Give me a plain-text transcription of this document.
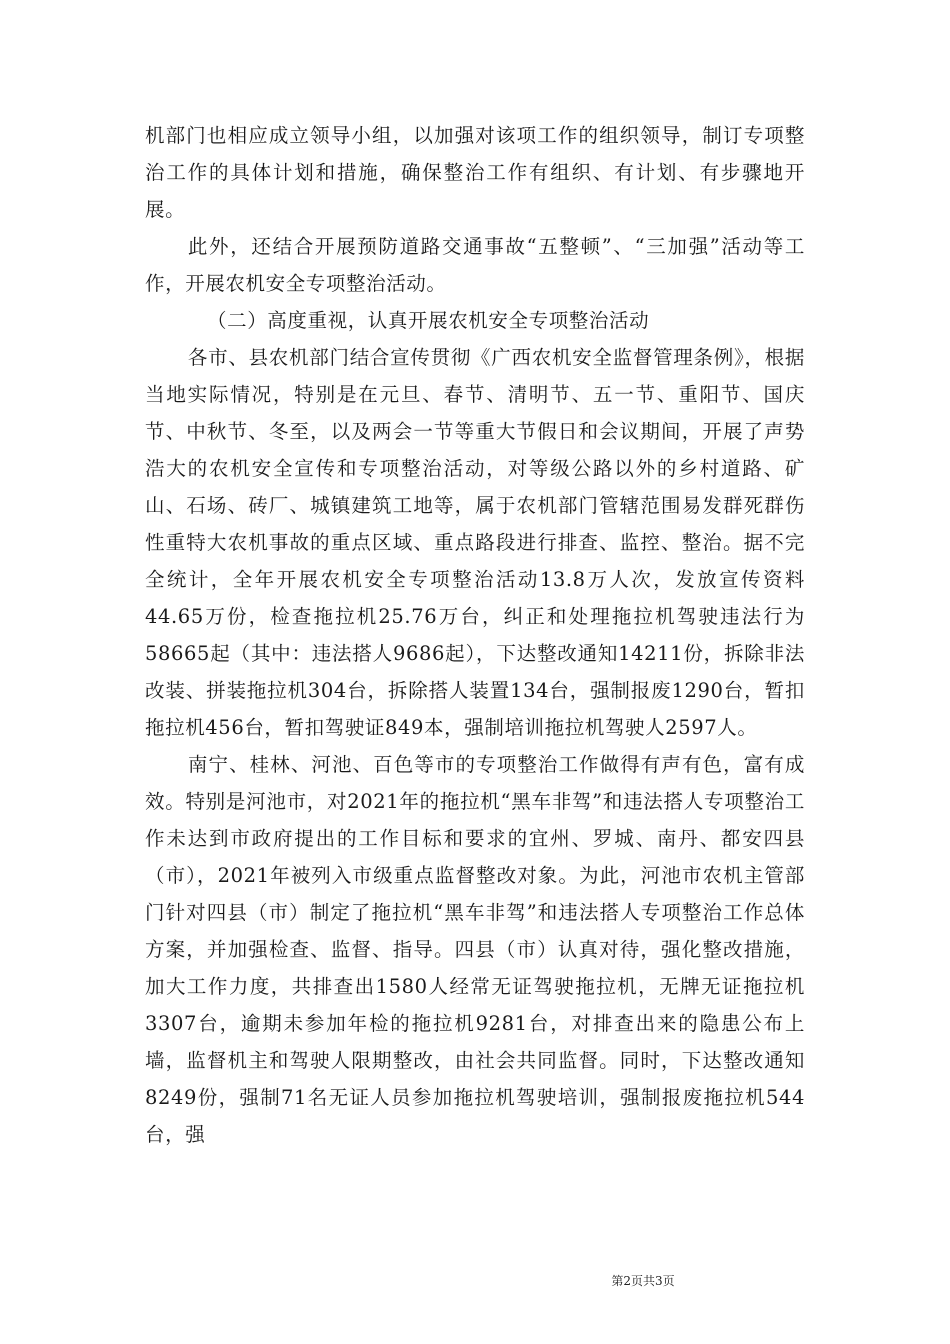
机部门也相应成立领导小组，以加强对该项工作的组织领导，制订专项整治工作的具体计划和措施，确保整治工作有组织、有计划、有步骤地开展。

此外，还结合开展预防道路交通事故“五整顿”、“三加强”活动等工作，开展农机安全专项整治活动。

（二）高度重视，认真开展农机安全专项整治活动

各市、县农机部门结合宣传贯彻《广西农机安全监督管理条例》，根据当地实际情况，特别是在元旦、春节、清明节、五一节、重阳节、国庆节、中秋节、冬至，以及两会一节等重大节假日和会议期间，开展了声势浩大的农机安全宣传和专项整治活动，对等级公路以外的乡村道路、矿山、石场、砖厂、城镇建筑工地等，属于农机部门管辖范围易发群死群伤性重特大农机事故的重点区域、重点路段进行排查、监控、整治。据不完全统计，全年开展农机安全专项整治活动13.8万人次，发放宣传资料44.65万份，检查拖拉机25.76万台，纠正和处理拖拉机驾驶违法行为58665起（其中：违法搭人9686起），下达整改通知14211份，拆除非法改装、拼装拖拉机304台，拆除搭人装置134台，强制报废1290台，暂扣拖拉机456台，暂扣驾驶证849本，强制培训拖拉机驾驶人2597人。

南宁、桂林、河池、百色等市的专项整治工作做得有声有色，富有成效。特别是河池市，对2021年的拖拉机“黑车非驾”和违法搭人专项整治工作未达到市政府提出的工作目标和要求的宜州、罗城、南丹、都安四县（市），2021年被列入市级重点监督整改对象。为此，河池市农机主管部门针对四县（市）制定了拖拉机“黑车非驾”和违法搭人专项整治工作总体方案，并加强检查、监督、指导。四县（市）认真对待，强化整改措施，加大工作力度，共排查出1580人经常无证驾驶拖拉机，无牌无证拖拉机3307台，逾期未参加年检的拖拉机9281台，对排查出来的隐患公布上墙，监督机主和驾驶人限期整改，由社会共同监督。同时，下达整改通知8249份，强制71名无证人员参加拖拉机驾驶培训，强制报废拖拉机544台，强

第2页共3页
